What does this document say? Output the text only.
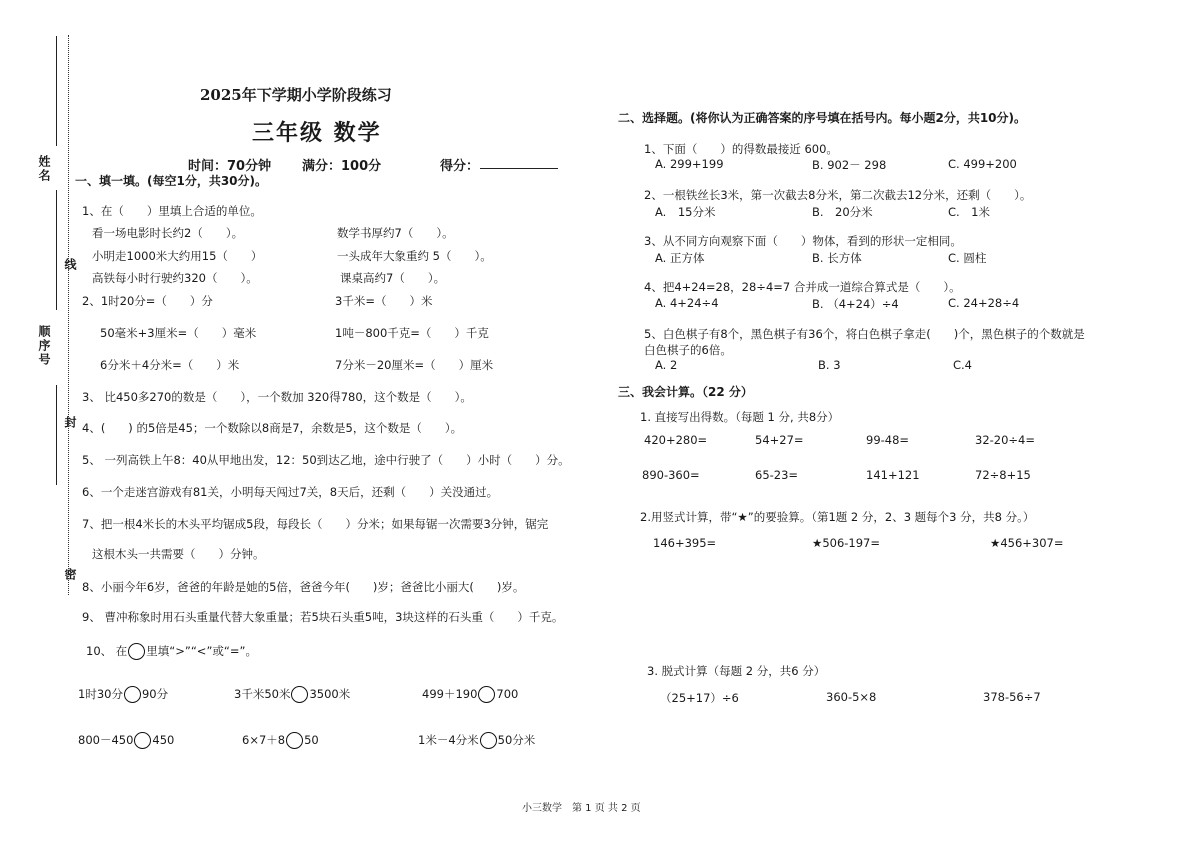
姓名
线
顺序号
封
密
2025年下学期小学阶段练习
三年级 数学
时间：70分钟 满分：100分	得分：
一、填一填。(每空1分，共30分)。
1、在（　　）里填上合适的单位。
看一场电影时长约2（　　）。	数学书厚约7（　　）。
小明走1000米大约用15（　　）	一头成年大象重约 5（　　）。
高铁每小时行驶约320（　　）。	课桌高约7（　　）。
2、1时20分=（　　）分	3千米=（　　）米
50毫米+3厘米=（　　）毫米	1吨－800千克=（　　）千克
6分米＋4分米=（　　）米	7分米－20厘米=（　　）厘米
3、 比450多270的数是（　　），一个数加 320得780，这个数是（　　）。
4、(　　) 的5倍是45；一个数除以8商是7，余数是5，这个数是（　　）。
5、 一列高铁上午8：40从甲地出发，12：50到达乙地，途中行驶了（　　）小时（　　）分。
6、一个走迷宫游戏有81关，小明每天闯过7关，8天后，还剩（　　）关没通过。
7、把一根4米长的木头平均锯成5段，每段长（　　）分米；如果每锯一次需要3分钟，锯完
这根木头一共需要（　　）分钟。
8、小丽今年6岁，爸爸的年龄是她的5倍，爸爸今年(　　)岁；爸爸比小丽大(　　)岁。
9、 曹冲称象时用石头重量代替大象重量；若5块石头重5吨，3块这样的石头重（　　）千克。
10、 在 里填“>”“<”或“=”。
1时30分 90分	3千米50米 3500米	499＋190 700
800－450 450	6×7＋8 50	1米－4分米 50分米
二、选择题。(将你认为正确答案的序号填在括号内。每小题2分，共10分)。
1、下面（　　）的得数最接近 600。
A. 299+199	B. 902－ 298	C. 499+200
2、一根铁丝长3米，第一次截去8分米，第二次截去12分米，还剩（　　）。
A.　15分米	B.　20分米	C.　1米
3、从不同方向观察下面（　　）物体，看到的形状一定相同。
A. 正方体	B. 长方体	C. 圆柱
4、把4+24=28，28÷4=7 合并成一道综合算式是（　　）。
A. 4+24÷4	B. （4+24）÷4	C. 24+28÷4
5、白色棋子有8个，黑色棋子有36个，将白色棋子拿走(　　)个，黑色棋子的个数就是
白色棋子的6倍。
A. 2	B. 3	C.4
三、我会计算。（22 分）
1. 直接写出得数。（每题 1 分, 共8分）
420+280=	54+27=	99-48=	32-20÷4=
890-360=	65-23=	141+121	72÷8+15
2.用竖式计算，带“★”的要验算。（第1题 2 分，2、3 题每个3 分，共8 分。）
146+395=	★506-197=	★456+307=
3. 脱式计算（每题 2 分，共6 分）
（25+17）÷6	360-5×8	378-56÷7
小三数学　第 1 页 共 2 页
